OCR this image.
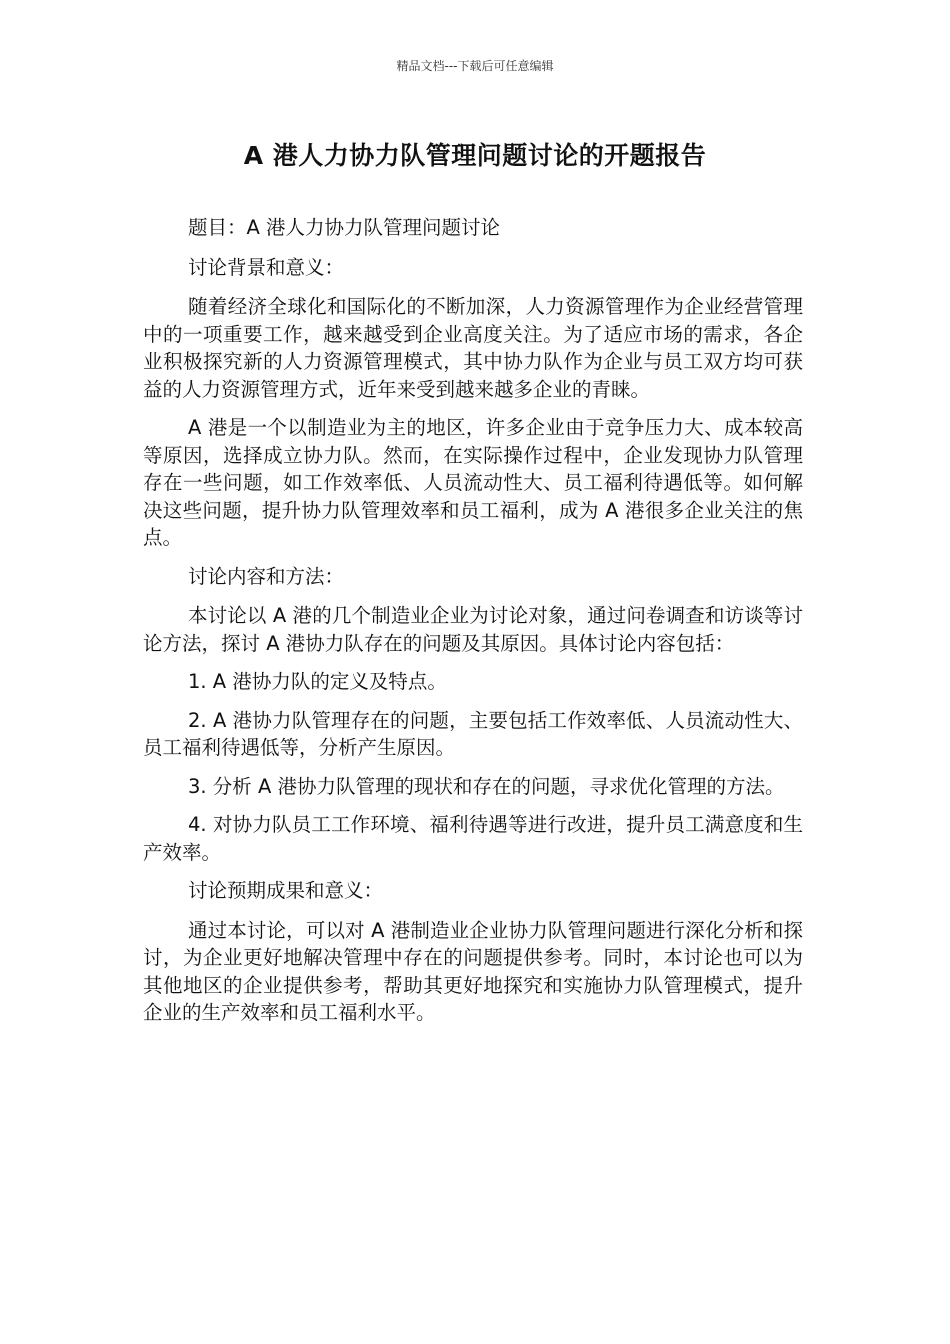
精品文档---下载后可任意编辑
A 港人力协力队管理问题讨论的开题报告

题目：A 港人力协力队管理问题讨论

讨论背景和意义：

随着经济全球化和国际化的不断加深，人力资源管理作为企业经营管理中的一项重要工作，越来越受到企业高度关注。为了适应市场的需求，各企业积极探究新的人力资源管理模式，其中协力队作为企业与员工双方均可获益的人力资源管理方式，近年来受到越来越多企业的青睐。

A 港是一个以制造业为主的地区，许多企业由于竞争压力大、成本较高等原因，选择成立协力队。然而，在实际操作过程中，企业发现协力队管理存在一些问题，如工作效率低、人员流动性大、员工福利待遇低等。如何解决这些问题，提升协力队管理效率和员工福利，成为 A 港很多企业关注的焦点。

讨论内容和方法：

本讨论以 A 港的几个制造业企业为讨论对象，通过问卷调查和访谈等讨论方法，探讨 A 港协力队存在的问题及其原因。具体讨论内容包括：

1. A 港协力队的定义及特点。

2. A 港协力队管理存在的问题，主要包括工作效率低、人员流动性大、员工福利待遇低等，分析产生原因。

3. 分析 A 港协力队管理的现状和存在的问题，寻求优化管理的方法。

4. 对协力队员工工作环境、福利待遇等进行改进，提升员工满意度和生产效率。

讨论预期成果和意义：

通过本讨论，可以对 A 港制造业企业协力队管理问题进行深化分析和探讨，为企业更好地解决管理中存在的问题提供参考。同时，本讨论也可以为其他地区的企业提供参考，帮助其更好地探究和实施协力队管理模式，提升企业的生产效率和员工福利水平。
